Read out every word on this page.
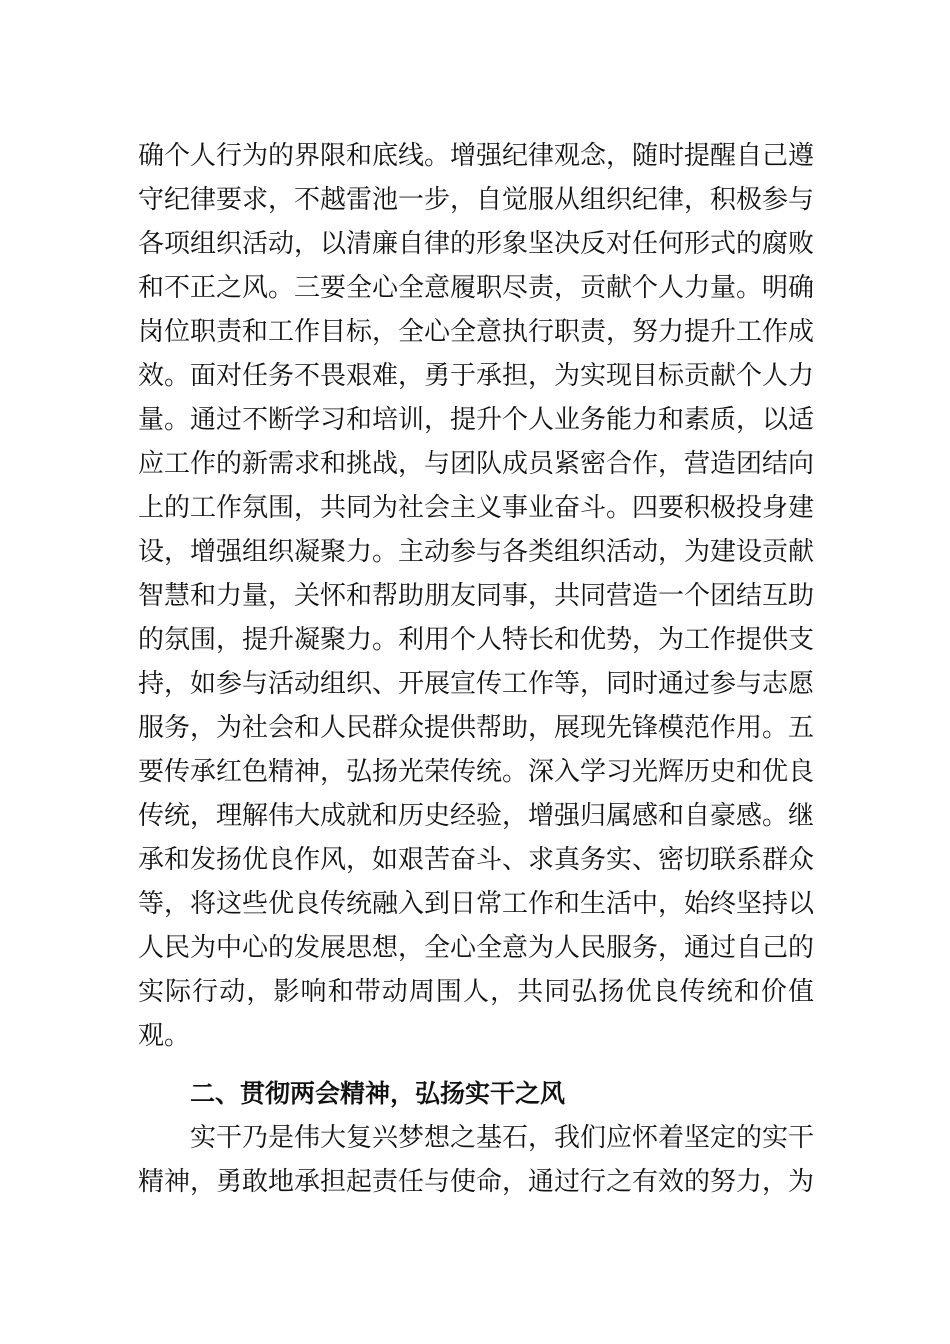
确个人行为的界限和底线。增强纪律观念，随时提醒自己遵
守纪律要求，不越雷池一步，自觉服从组织纪律，积极参与
各项组织活动，以清廉自律的形象坚决反对任何形式的腐败
和不正之风。三要全心全意履职尽责，贡献个人力量。明确
岗位职责和工作目标，全心全意执行职责，努力提升工作成
效。面对任务不畏艰难，勇于承担，为实现目标贡献个人力
量。通过不断学习和培训，提升个人业务能力和素质，以适
应工作的新需求和挑战，与团队成员紧密合作，营造团结向
上的工作氛围，共同为社会主义事业奋斗。四要积极投身建
设，增强组织凝聚力。主动参与各类组织活动，为建设贡献
智慧和力量，关怀和帮助朋友同事，共同营造一个团结互助
的氛围，提升凝聚力。利用个人特长和优势，为工作提供支
持，如参与活动组织、开展宣传工作等，同时通过参与志愿
服务，为社会和人民群众提供帮助，展现先锋模范作用。五
要传承红色精神，弘扬光荣传统。深入学习光辉历史和优良
传统，理解伟大成就和历史经验，增强归属感和自豪感。继
承和发扬优良作风，如艰苦奋斗、求真务实、密切联系群众
等，将这些优良传统融入到日常工作和生活中，始终坚持以
人民为中心的发展思想，全心全意为人民服务，通过自己的
实际行动，影响和带动周围人，共同弘扬优良传统和价值
观。
二、贯彻两会精神，弘扬实干之风
实干乃是伟大复兴梦想之基石，我们应怀着坚定的实干
精神，勇敢地承担起责任与使命，通过行之有效的努力，为
